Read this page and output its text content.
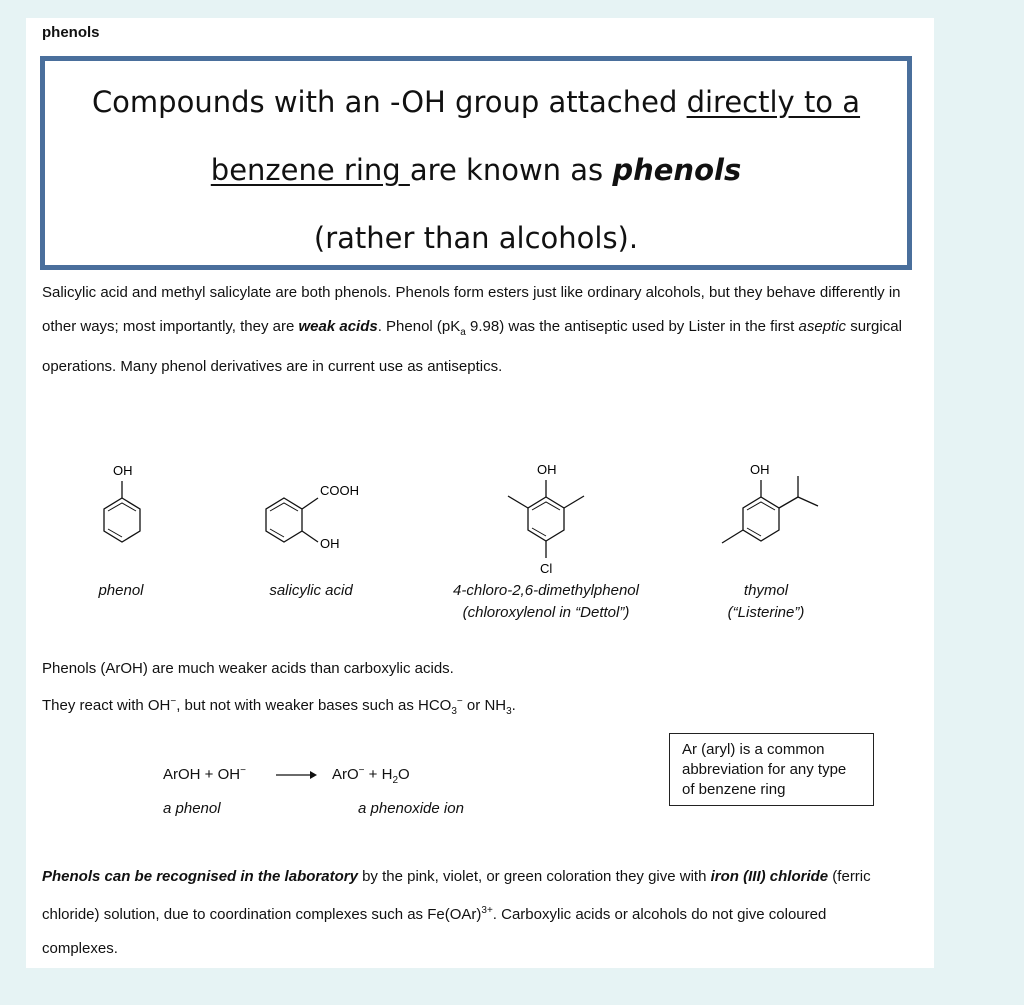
phenols
Compounds with an -OH group attached directly to a
benzene ring are known as phenols
(rather than alcohols).
Salicylic acid and methyl salicylate are both phenols. Phenols form esters just like ordinary alcohols, but they behave differently in other ways; most importantly, they are weak acids. Phenol ($pK_a$ 9.98) was the antiseptic used by Lister in the first aseptic surgical operations. Many phenol derivatives are in current use as antiseptics.
OH
COOH
OH
OH
Cl
OH
phenol	salicylic acid	4-chloro-2,6-dimethylphenol
(chloroxylenol in “Dettol”)
thymol
(“Listerine”)
Phenols (ArOH) are much weaker acids than carboxylic acids.
They react with OH−, but not with weaker bases such as $HCO_3^-$ or $NH_3$.
ArOH + $OH^- \to ArO^- + H_2O$
a phenol	a phenoxide ion
Ar (aryl) is a common abbreviation for any type of benzene ring
Phenols can be recognised in the laboratory by the pink, violet, or green coloration they give with iron (III) chloride (ferric chloride) solution, due to coordination complexes such as Fe(OAr)$^{3+}$. Carboxylic acids or alcohols do not give coloured complexes.
